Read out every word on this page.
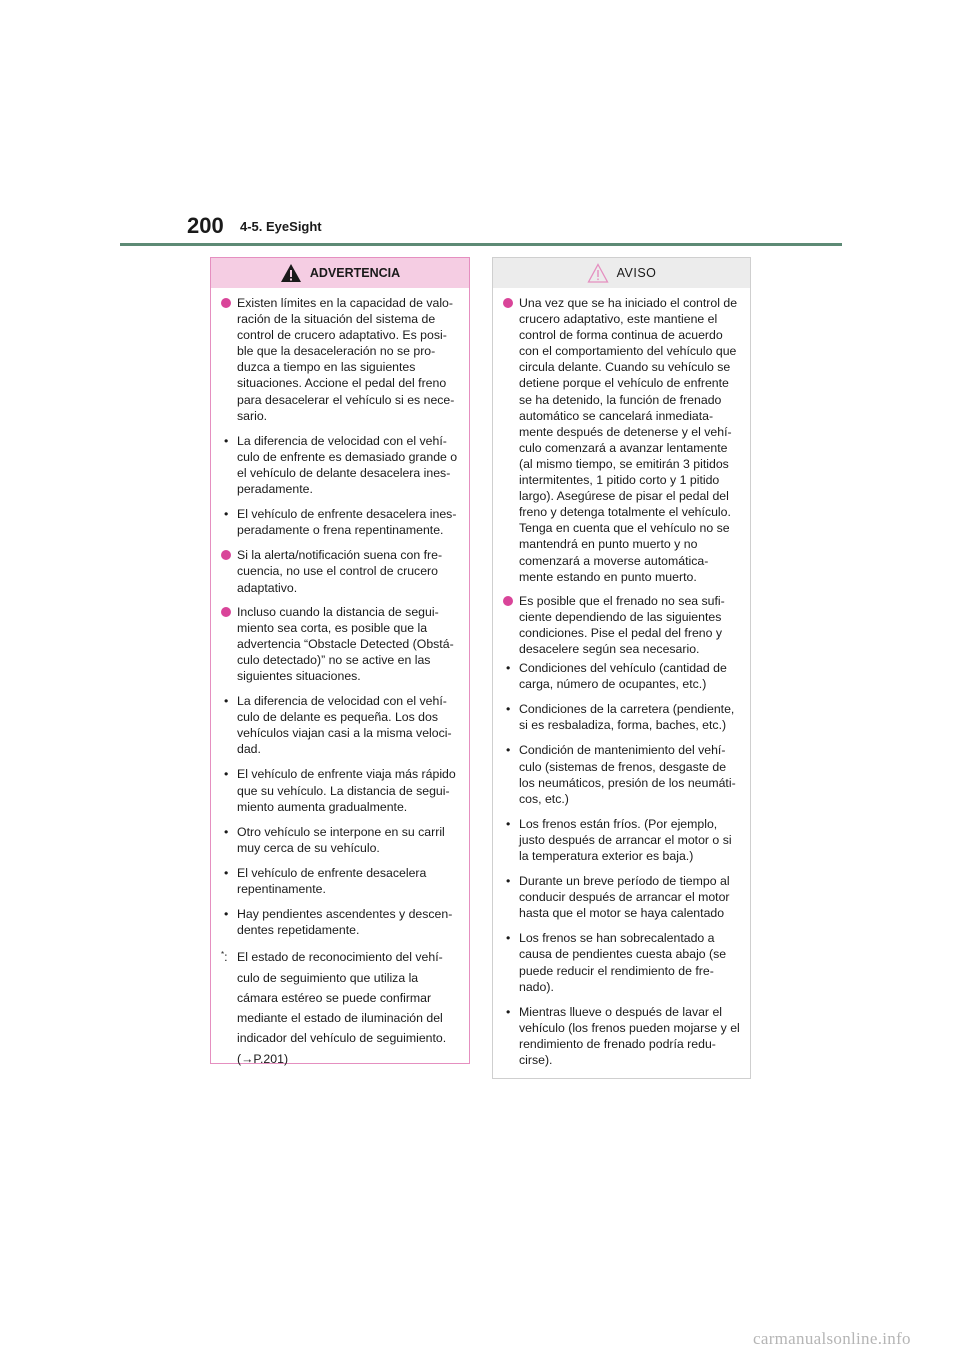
200 4-5. EyeSight
ADVERTENCIA
Existen límites en la capacidad de valo-ración de la situación del sistema de control de crucero adaptativo. Es posi-ble que la desaceleración no se pro-duzca a tiempo en las siguientes situaciones. Accione el pedal del freno para desacelerar el vehículo si es nece-sario.
• La diferencia de velocidad con el vehí-culo de enfrente es demasiado grande o el vehículo de delante desacelera ines-peradamente.
• El vehículo de enfrente desacelera ines-peradamente o frena repentinamente.
Si la alerta/notificación suena con fre-cuencia, no use el control de crucero adaptativo.
Incluso cuando la distancia de segui-miento sea corta, es posible que la advertencia “Obstacle Detected (Obstá-culo detectado)” no se active en las siguientes situaciones.
• La diferencia de velocidad con el vehí-culo de delante es pequeña. Los dos vehículos viajan casi a la misma veloci-dad.
• El vehículo de enfrente viaja más rápido que su vehículo. La distancia de segui-miento aumenta gradualmente.
• Otro vehículo se interpone en su carril muy cerca de su vehículo.
• El vehículo de enfrente desacelera repentinamente.
• Hay pendientes ascendentes y descen-dentes repetidamente.
*: El estado de reconocimiento del vehí-culo de seguimiento que utiliza la cámara estéreo se puede confirmar mediante el estado de iluminación del indicador del vehículo de seguimiento.
(→P.201)
AVISO
Una vez que se ha iniciado el control de crucero adaptativo, este mantiene el control de forma continua de acuerdo con el comportamiento del vehículo que circula delante. Cuando su vehículo se detiene porque el vehículo de enfrente se ha detenido, la función de frenado automático se cancelará inmediata-mente después de detenerse y el vehí-culo comenzará a avanzar lentamente (al mismo tiempo, se emitirán 3 pitidos intermitentes, 1 pitido corto y 1 pitido largo). Asegúrese de pisar el pedal del freno y detenga totalmente el vehículo. Tenga en cuenta que el vehículo no se mantendrá en punto muerto y no comenzará a moverse automática-mente estando en punto muerto.
Es posible que el frenado no sea sufi-ciente dependiendo de las siguientes condiciones. Pise el pedal del freno y desacelere según sea necesario.
• Condiciones del vehículo (cantidad de carga, número de ocupantes, etc.)
• Condiciones de la carretera (pendiente, si es resbaladiza, forma, baches, etc.)
• Condición de mantenimiento del vehí-culo (sistemas de frenos, desgaste de los neumáticos, presión de los neumáti-cos, etc.)
• Los frenos están fríos. (Por ejemplo, justo después de arrancar el motor o si la temperatura exterior es baja.)
• Durante un breve período de tiempo al conducir después de arrancar el motor hasta que el motor se haya calentado
• Los frenos se han sobrecalentado a causa de pendientes cuesta abajo (se puede reducir el rendimiento de fre-nado).
• Mientras llueve o después de lavar el vehículo (los frenos pueden mojarse y el rendimiento de frenado podría redu-cirse).
carmanualsonline.info
